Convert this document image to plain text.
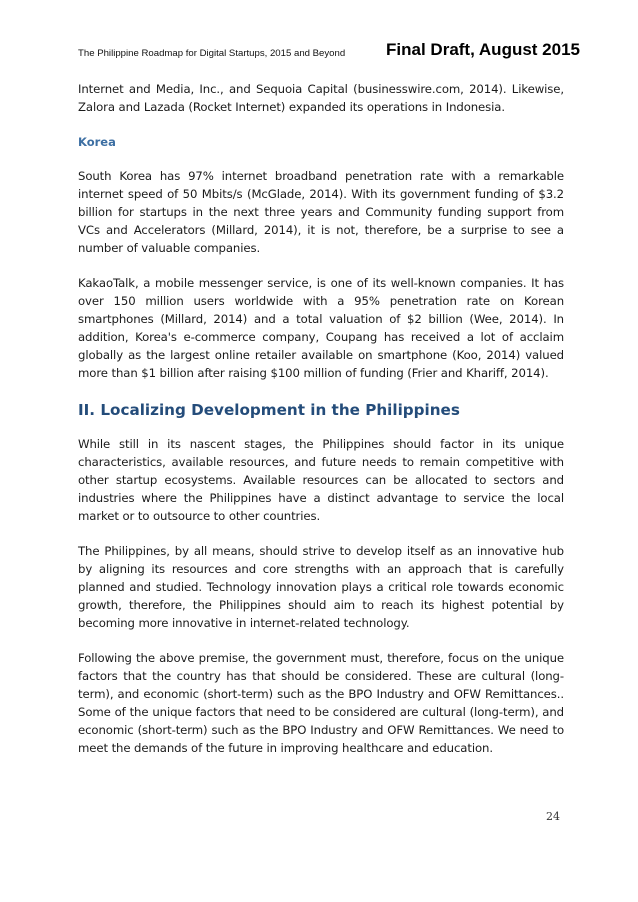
The Philippine Roadmap for Digital Startups, 2015 and Beyond Final Draft, August 2015

Internet and Media, Inc., and Sequoia Capital (businesswire.com, 2014). Likewise, Zalora and Lazada (Rocket Internet) expanded its operations in Indonesia.

Korea

South Korea has 97% internet broadband penetration rate with a remarkable internet speed of 50 Mbits/s (McGlade, 2014). With its government funding of $3.2 billion for startups in the next three years and Community funding support from VCs and Accelerators (Millard, 2014), it is not, therefore, be a surprise to see a number of valuable companies.

KakaoTalk, a mobile messenger service, is one of its well-known companies. It has over 150 million users worldwide with a 95% penetration rate on Korean smartphones (Millard, 2014) and a total valuation of $2 billion (Wee, 2014). In addition, Korea's e-commerce company, Coupang has received a lot of acclaim globally as the largest online retailer available on smartphone (Koo, 2014) valued more than $1 billion after raising $100 million of funding (Frier and Khariff, 2014).

II. Localizing Development in the Philippines

While still in its nascent stages, the Philippines should factor in its unique characteristics, available resources, and future needs to remain competitive with other startup ecosystems. Available resources can be allocated to sectors and industries where the Philippines have a distinct advantage to service the local market or to outsource to other countries.

The Philippines, by all means, should strive to develop itself as an innovative hub by aligning its resources and core strengths with an approach that is carefully planned and studied. Technology innovation plays a critical role towards economic growth, therefore, the Philippines should aim to reach its highest potential by becoming more innovative in internet-related technology.

Following the above premise, the government must, therefore, focus on the unique factors that the country has that should be considered. These are cultural (long-term), and economic (short-term) such as the BPO Industry and OFW Remittances.. Some of the unique factors that need to be considered are cultural (long-term), and economic (short-term) such as the BPO Industry and OFW Remittances. We need to meet the demands of the future in improving healthcare and education.

24
